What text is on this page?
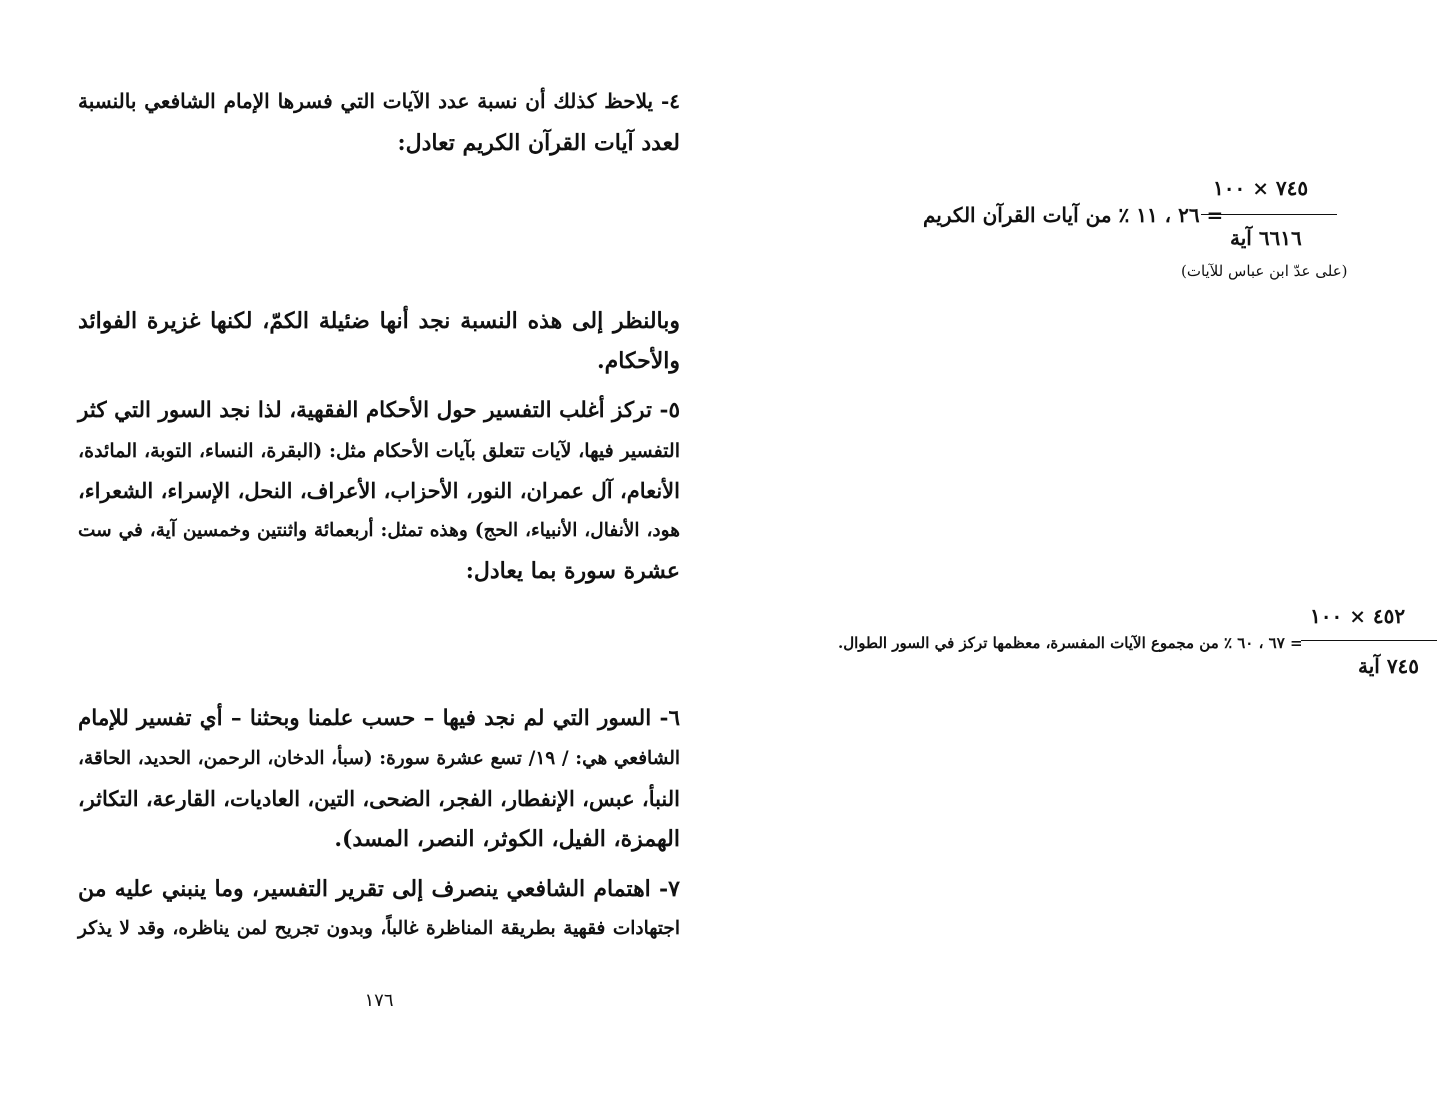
٤- يلاحظ كذلك أن نسبة عدد الآيات التي فسرها الإمام الشافعي بالنسبة
لعدد آيات القرآن الكريم تعادل:
٧٤٥ × ١٠٠
٦٦١٦ آية
= ٢٦ ، ١١ ٪ من آيات القرآن الكريم
(على عدّ ابن عباس للآيات)
وبالنظر إلى هذه النسبة نجد أنها ضئيلة الكمّ، لكنها غزيرة الفوائد
والأحكام.
٥- تركز أغلب التفسير حول الأحكام الفقهية، لذا نجد السور التي كثر
التفسير فيها، لآيات تتعلق بآيات الأحكام مثل: (البقرة، النساء، التوبة، المائدة،
الأنعام، آل عمران، النور، الأحزاب، الأعراف، النحل، الإسراء، الشعراء،
هود، الأنفال، الأنبياء، الحج) وهذه تمثل: أربعمائة واثنتين وخمسين آية، في ست
عشرة سورة بما يعادل:
٤٥٢ × ١٠٠
٧٤٥ آية
= ٦٧ ، ٦٠ ٪ من مجموع الآيات المفسرة، معظمها تركز في السور الطوال.
٦- السور التي لم نجد فيها – حسب علمنا وبحثنا – أي تفسير للإمام
الشافعي هي: / ١٩/ تسع عشرة سورة: (سبأ، الدخان، الرحمن، الحديد، الحاقة،
النبأ، عبس، الإنفطار، الفجر، الضحى، التين، العاديات، القارعة، التكاثر،
الهمزة، الفيل، الكوثر، النصر، المسد).
٧- اهتمام الشافعي ينصرف إلى تقرير التفسير، وما ينبني عليه من
اجتهادات فقهية بطريقة المناظرة غالباً، وبدون تجريح لمن يناظره، وقد لا يذكر
١٧٦
